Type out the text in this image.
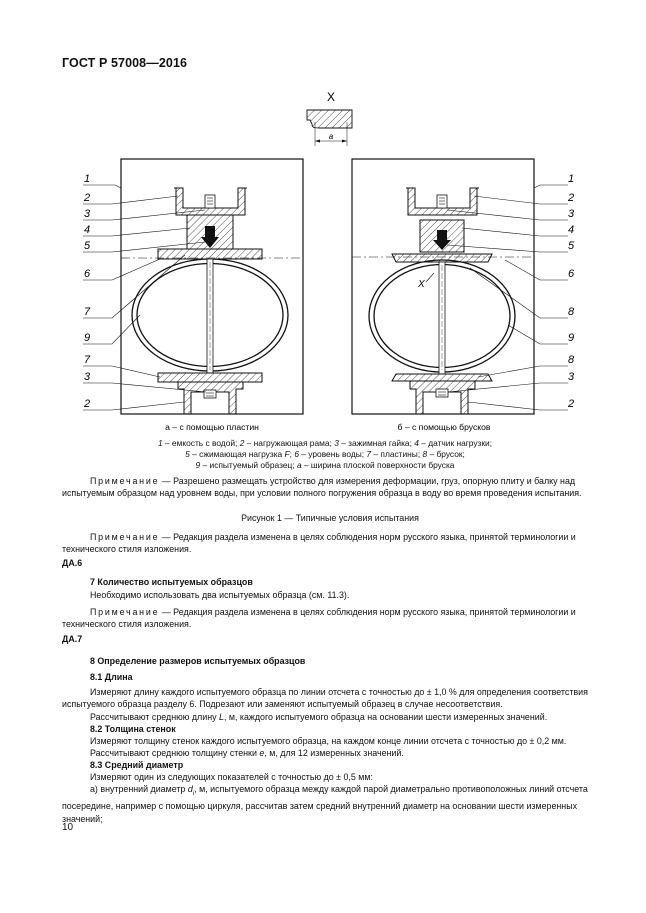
ГОСТ Р 57008—2016
X
a
1
2
3
4
5
6
7
9
7
3
2
X
1
2
3
4
5
6
8
9
8
3
2
а – с помощью пластин	б – с помощью брусков
1 – емкость с водой; 2 – нагружающая рама; 3 – зажимная гайка; 4 – датчик нагрузки;
5 – сжимающая нагрузка F; 6 – уровень воды; 7 – пластины; 8 – брусок;
9 – испытуемый образец; a – ширина плоской поверхности бруска
Примечание — Разрешено размещать устройство для измерения деформации, груз, опорную плиту и балку над испытуемым образцом над уровнем воды, при условии полного погружения образца в воду во время проведения испытания.
Рисунок 1 — Типичные условия испытания
Примечание — Редакция раздела изменена в целях соблюдения норм русского языка, принятой терминологии и технического стиля изложения.
ДА.6
7 Количество испытуемых образцов
Необходимо использовать два испытуемых образца (см. 11.3).
Примечание — Редакция раздела изменена в целях соблюдения норм русского языка, принятой терминологии и технического стиля изложения.
ДА.7
8 Определение размеров испытуемых образцов
8.1 Длина
Измеряют длину каждого испытуемого образца по линии отсчета с точностью до ± 1,0 % для определения соответствия испытуемого образца разделу 6. Подрезают или заменяют испытуемый образец в случае несоответствия.
Рассчитывают среднюю длину L, м, каждого испытуемого образца на основании шести измеренных значений.
8.2 Толщина стенок
Измеряют толщину стенок каждого испытуемого образца, на каждом конце линии отсчета с точностью до ± 0,2 мм.
Рассчитывают среднюю толщину стенки e, м, для 12 измеренных значений.
8.3 Средний диаметр
Измеряют один из следующих показателей с точностью до ± 0,5 мм:
а) внутренний диаметр $d_i$, м, испытуемого образца между каждой парой диаметрально противоположных линий отсчета посередине, например с помощью циркуля, рассчитав затем средний внутренний диаметр на основании шести измеренных значений;
10
